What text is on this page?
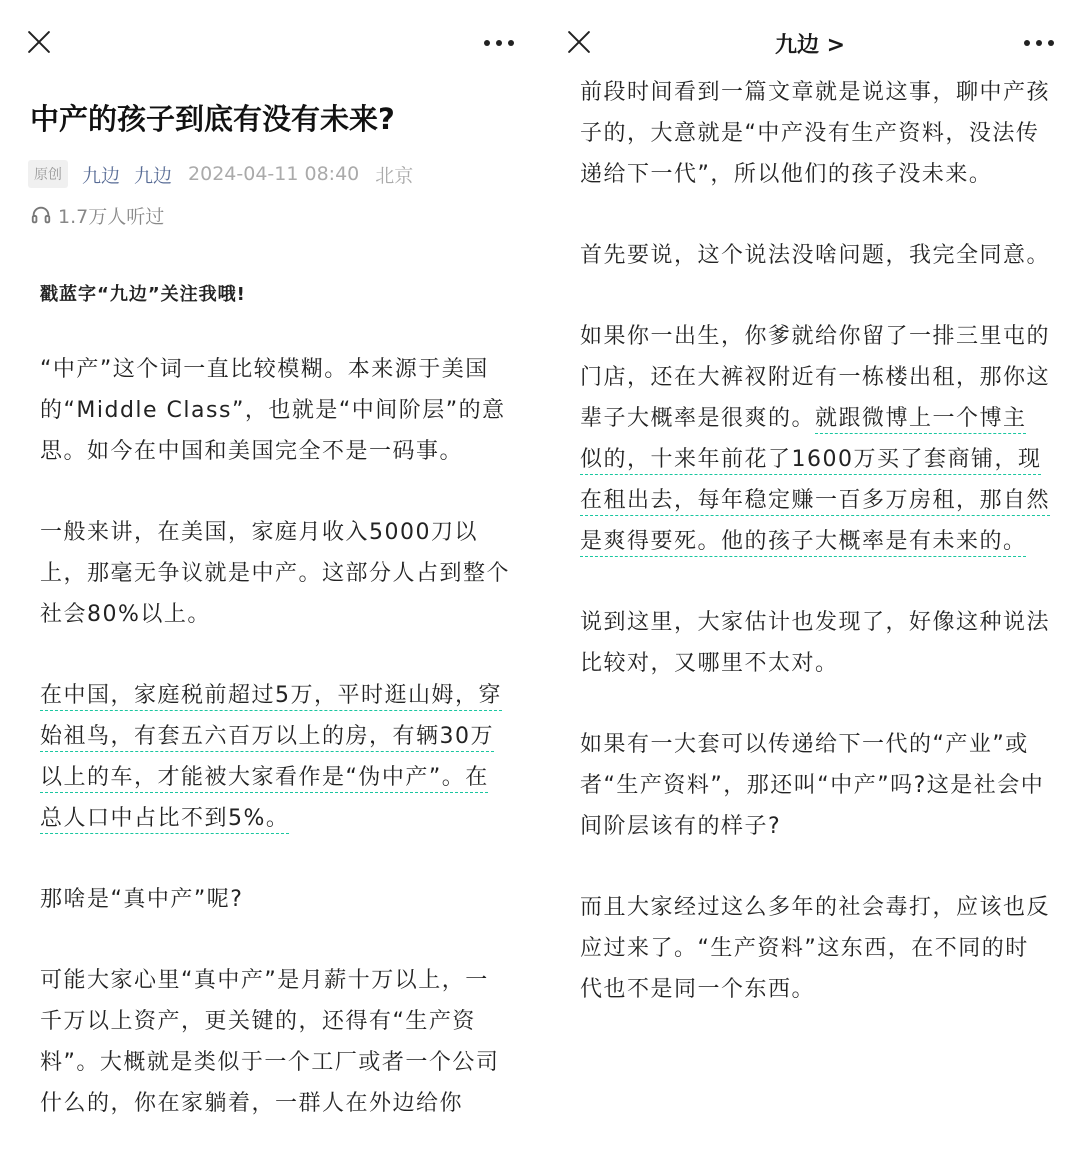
中产的孩子到底有没有未来?
原创	九边 九边 2024-04-11 08:40 北京
1.7万人听过

戳蓝字“九边”关注我哦!

“中产”这个词一直比较模糊。本来源于美国的“Middle Class”，也就是“中间阶层”的意思。如今在中国和美国完全不是一码事。

一般来讲，在美国，家庭月收入5000刀以上，那毫无争议就是中产。这部分人占到整个社会80%以上。

在中国，家庭税前超过5万，平时逛山姆，穿始祖鸟，有套五六百万以上的房，有辆30万以上的车，才能被大家看作是“伪中产”。在总人口中占比不到5%。

那啥是“真中产”呢?

可能大家心里“真中产”是月薪十万以上，一千万以上资产，更关键的，还得有“生产资料”。大概就是类似于一个工厂或者一个公司什么的，你在家躺着，一群人在外边给你

九边 >

前段时间看到一篇文章就是说这事，聊中产孩子的，大意就是“中产没有生产资料，没法传递给下一代”，所以他们的孩子没未来。

首先要说，这个说法没啥问题，我完全同意。

如果你一出生，你爹就给你留了一排三里屯的门店，还在大裤衩附近有一栋楼出租，那你这辈子大概率是很爽的。就跟微博上一个博主似的，十来年前花了1600万买了套商铺，现在租出去，每年稳定赚一百多万房租，那自然是爽得要死。他的孩子大概率是有未来的。

说到这里，大家估计也发现了，好像这种说法比较对，又哪里不太对。

如果有一大套可以传递给下一代的“产业”或者“生产资料”，那还叫“中产”吗?这是社会中间阶层该有的样子?

而且大家经过这么多年的社会毒打，应该也反应过来了。“生产资料”这东西，在不同的时代也不是同一个东西。
